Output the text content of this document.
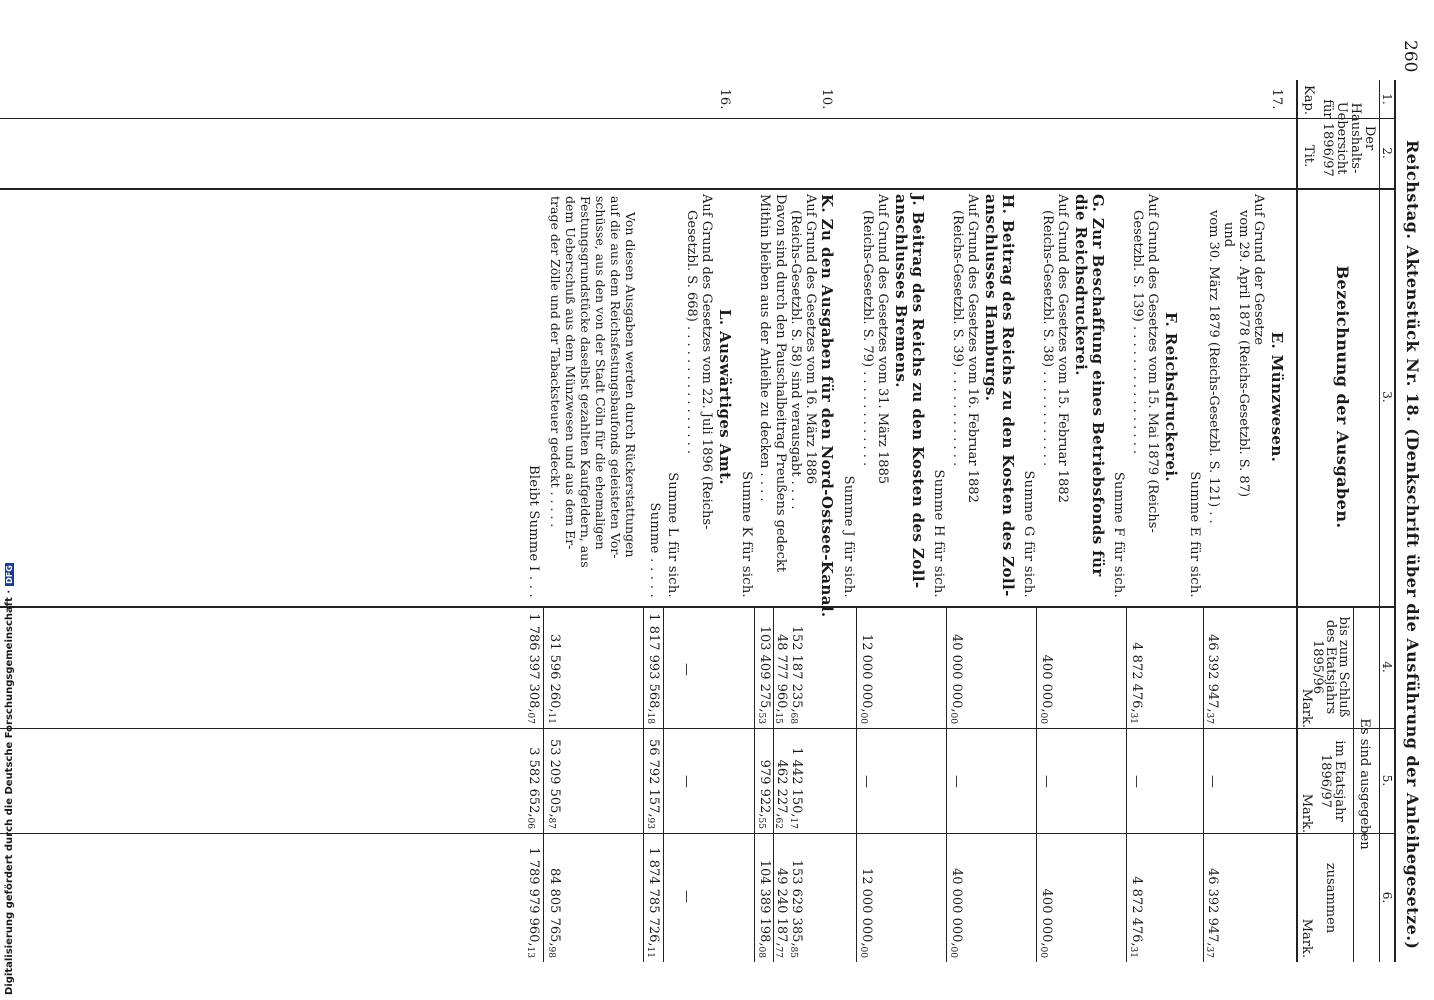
260
Reichstag. Aktenstück Nr. 18. (Denkschrift über die Ausführung der Anleihegesetze.)
1.
2.
3.
4.
5.
6.
Der Haushalts-Uebersicht für 1896/97
Kap.
Tit.
Bezeichnung der Ausgaben.
Es sind ausgegeben
bis zum Schluß des Etatsjahrs 1895/96
im Etatsjahr 1896/97
zusammen
Mark.
Mark.
Mark.
17.
E. Münzwesen.
Auf Grund der Gesetze
vom 29. April 1878 (Reichs-Gesetzbl. S. 87)
und
vom 30. März 1879 (Reichs-Gesetzbl. S. 121) . .
Summe E für sich.
46 392 $947,_{37}$
—
46 392 $947,_{37}$
F. Reichsdruckerei.
Auf Grund des Gesetzes vom 15. Mai 1879 (Reichs-
Gesetzbl. S. 139) . . . . . . . . . . . . . . . .
Summe F für sich.
4 872 $476,_{31}$
—
4 872 $476,_{31}$
G. Zur Beschaffung eines Betriebsfonds für die Reichsdruckerei.
Auf Grund des Gesetzes vom 15. Februar 1882
(Reichs-Gesetzbl. S. 38) . . . . . . . . . . . .
Summe G für sich.
400 $000,_{00}$
—
400 $000,_{00}$
H. Beitrag des Reichs zu den Kosten des Zoll-anschlusses Hamburgs.
Auf Grund des Gesetzes vom 16. Februar 1882
(Reichs-Gesetzbl. S. 39) . . . . . . . . . . . .
Summe H für sich.
40 000 $000,_{00}$
—
40 000 $000,_{00}$
J. Beitrag des Reichs zu den Kosten des Zoll-anschlusses Bremens.
Auf Grund des Gesetzes vom 31. März 1885
(Reichs-Gesetzbl. S. 79) . . . . . . . . . . . .
Summe J für sich.
12 000 $000,_{00}$
—
12 000 $000,_{00}$
10.
K. Zu den Ausgaben für den Nord-Ostsee-Kanal.
Auf Grund des Gesetzes vom 16. März 1886
(Reichs-Gesetzbl. S. 58) sind verausgabt . . . .
Davon sind durch den Pauschalbeitrag Preußens gedeckt
Mithin bleiben aus der Anleihe zu decken . . . .
Summe K für sich.
152 187 $235,_{68}$
1 442 $150,_{17}$
153 629 $385,_{85}$
48 777 $960,_{15}$
462 $227,_{62}$
49 240 $187,_{77}$
103 409 $275,_{53}$
979 $922,_{55}$
104 389 $198,_{08}$
16.
L. Auswärtiges Amt.
Auf Grund des Gesetzes vom 22. Juli 1896 (Reichs-
Gesetzbl. S. 668) . . . . . . . . . . . . . . . .
Summe L für sich.
—
—
—
Summe . . . . .
1 817 993 $568,_{18}$
56 792 $157,_{93}$
1 874 785 $726,_{11}$
Von diesen Ausgaben werden durch Rückerstattungen
auf die aus dem Reichsfestungsbaufonds geleisteten Vor-
schüsse, aus den von der Stadt Cöln für die ehemaligen
Festungsgrundstücke daselbst gezahlten Kaufgeldern, aus
dem Ueberschuß aus dem Münzwesen und aus dem Er-
trage der Zölle und der Tabacksteuer gedeckt . . . . .
31 596 $260,_{11}$
53 209 $505,_{87}$
84 805 $765,_{98}$
Bleibt Summe I . . .
1 786 397 $308,_{07}$
3 582 $652,_{06}$
1 789 979 $960,_{13}$
Digitalisierung gefördert durch die Deutsche Forschungsgemeinschaft ·DFG
